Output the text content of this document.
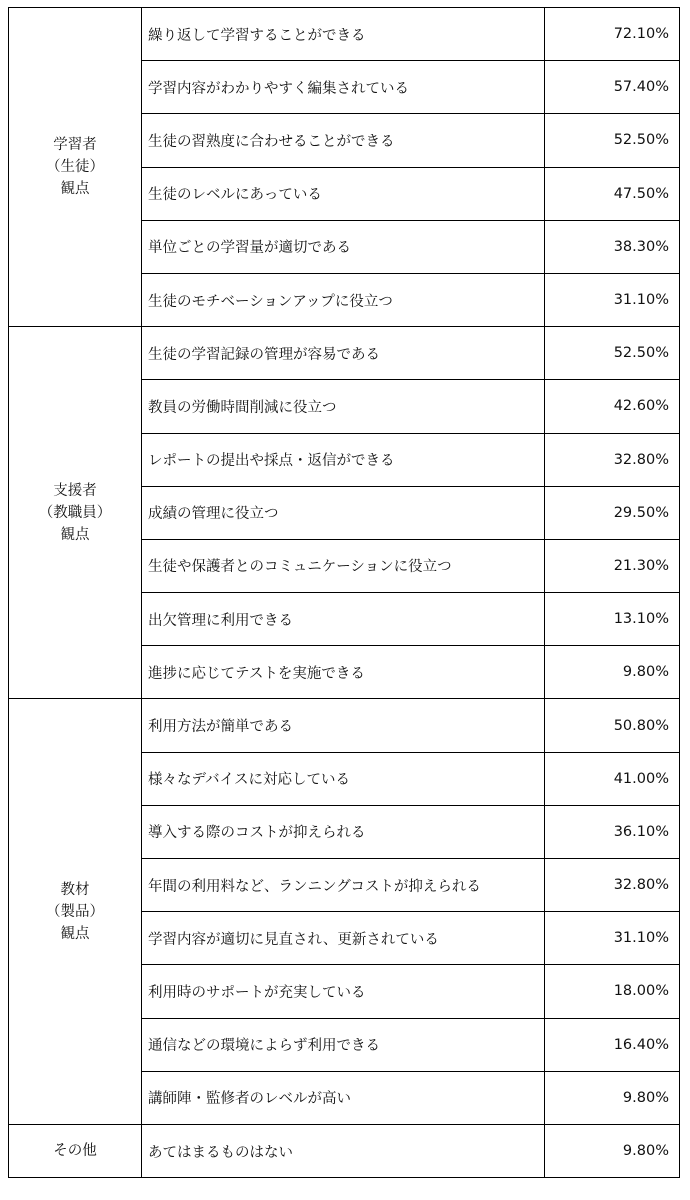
学習者
（生徒）
観点	繰り返して学習することができる	72.10%
	学習内容がわかりやすく編集されている	57.40%
	生徒の習熟度に合わせることができる	52.50%
	生徒のレベルにあっている	47.50%
	単位ごとの学習量が適切である	38.30%
	生徒のモチベーションアップに役立つ	31.10%

支援者
（教職員）
観点	生徒の学習記録の管理が容易である	52.50%
	教員の労働時間削減に役立つ	42.60%
	レポートの提出や採点・返信ができる	32.80%
	成績の管理に役立つ	29.50%
	生徒や保護者とのコミュニケーションに役立つ	21.30%
	出欠管理に利用できる	13.10%
	進捗に応じてテストを実施できる	9.80%

教材
（製品）
観点	利用方法が簡単である	50.80%
	様々なデバイスに対応している	41.00%
	導入する際のコストが抑えられる	36.10%
	年間の利用料など、ランニングコストが抑えられる	32.80%
	学習内容が適切に見直され、更新されている	31.10%
	利用時のサポートが充実している	18.00%
	通信などの環境によらず利用できる	16.40%
	講師陣・監修者のレベルが高い	9.80%

その他	あてはまるものはない	9.80%
